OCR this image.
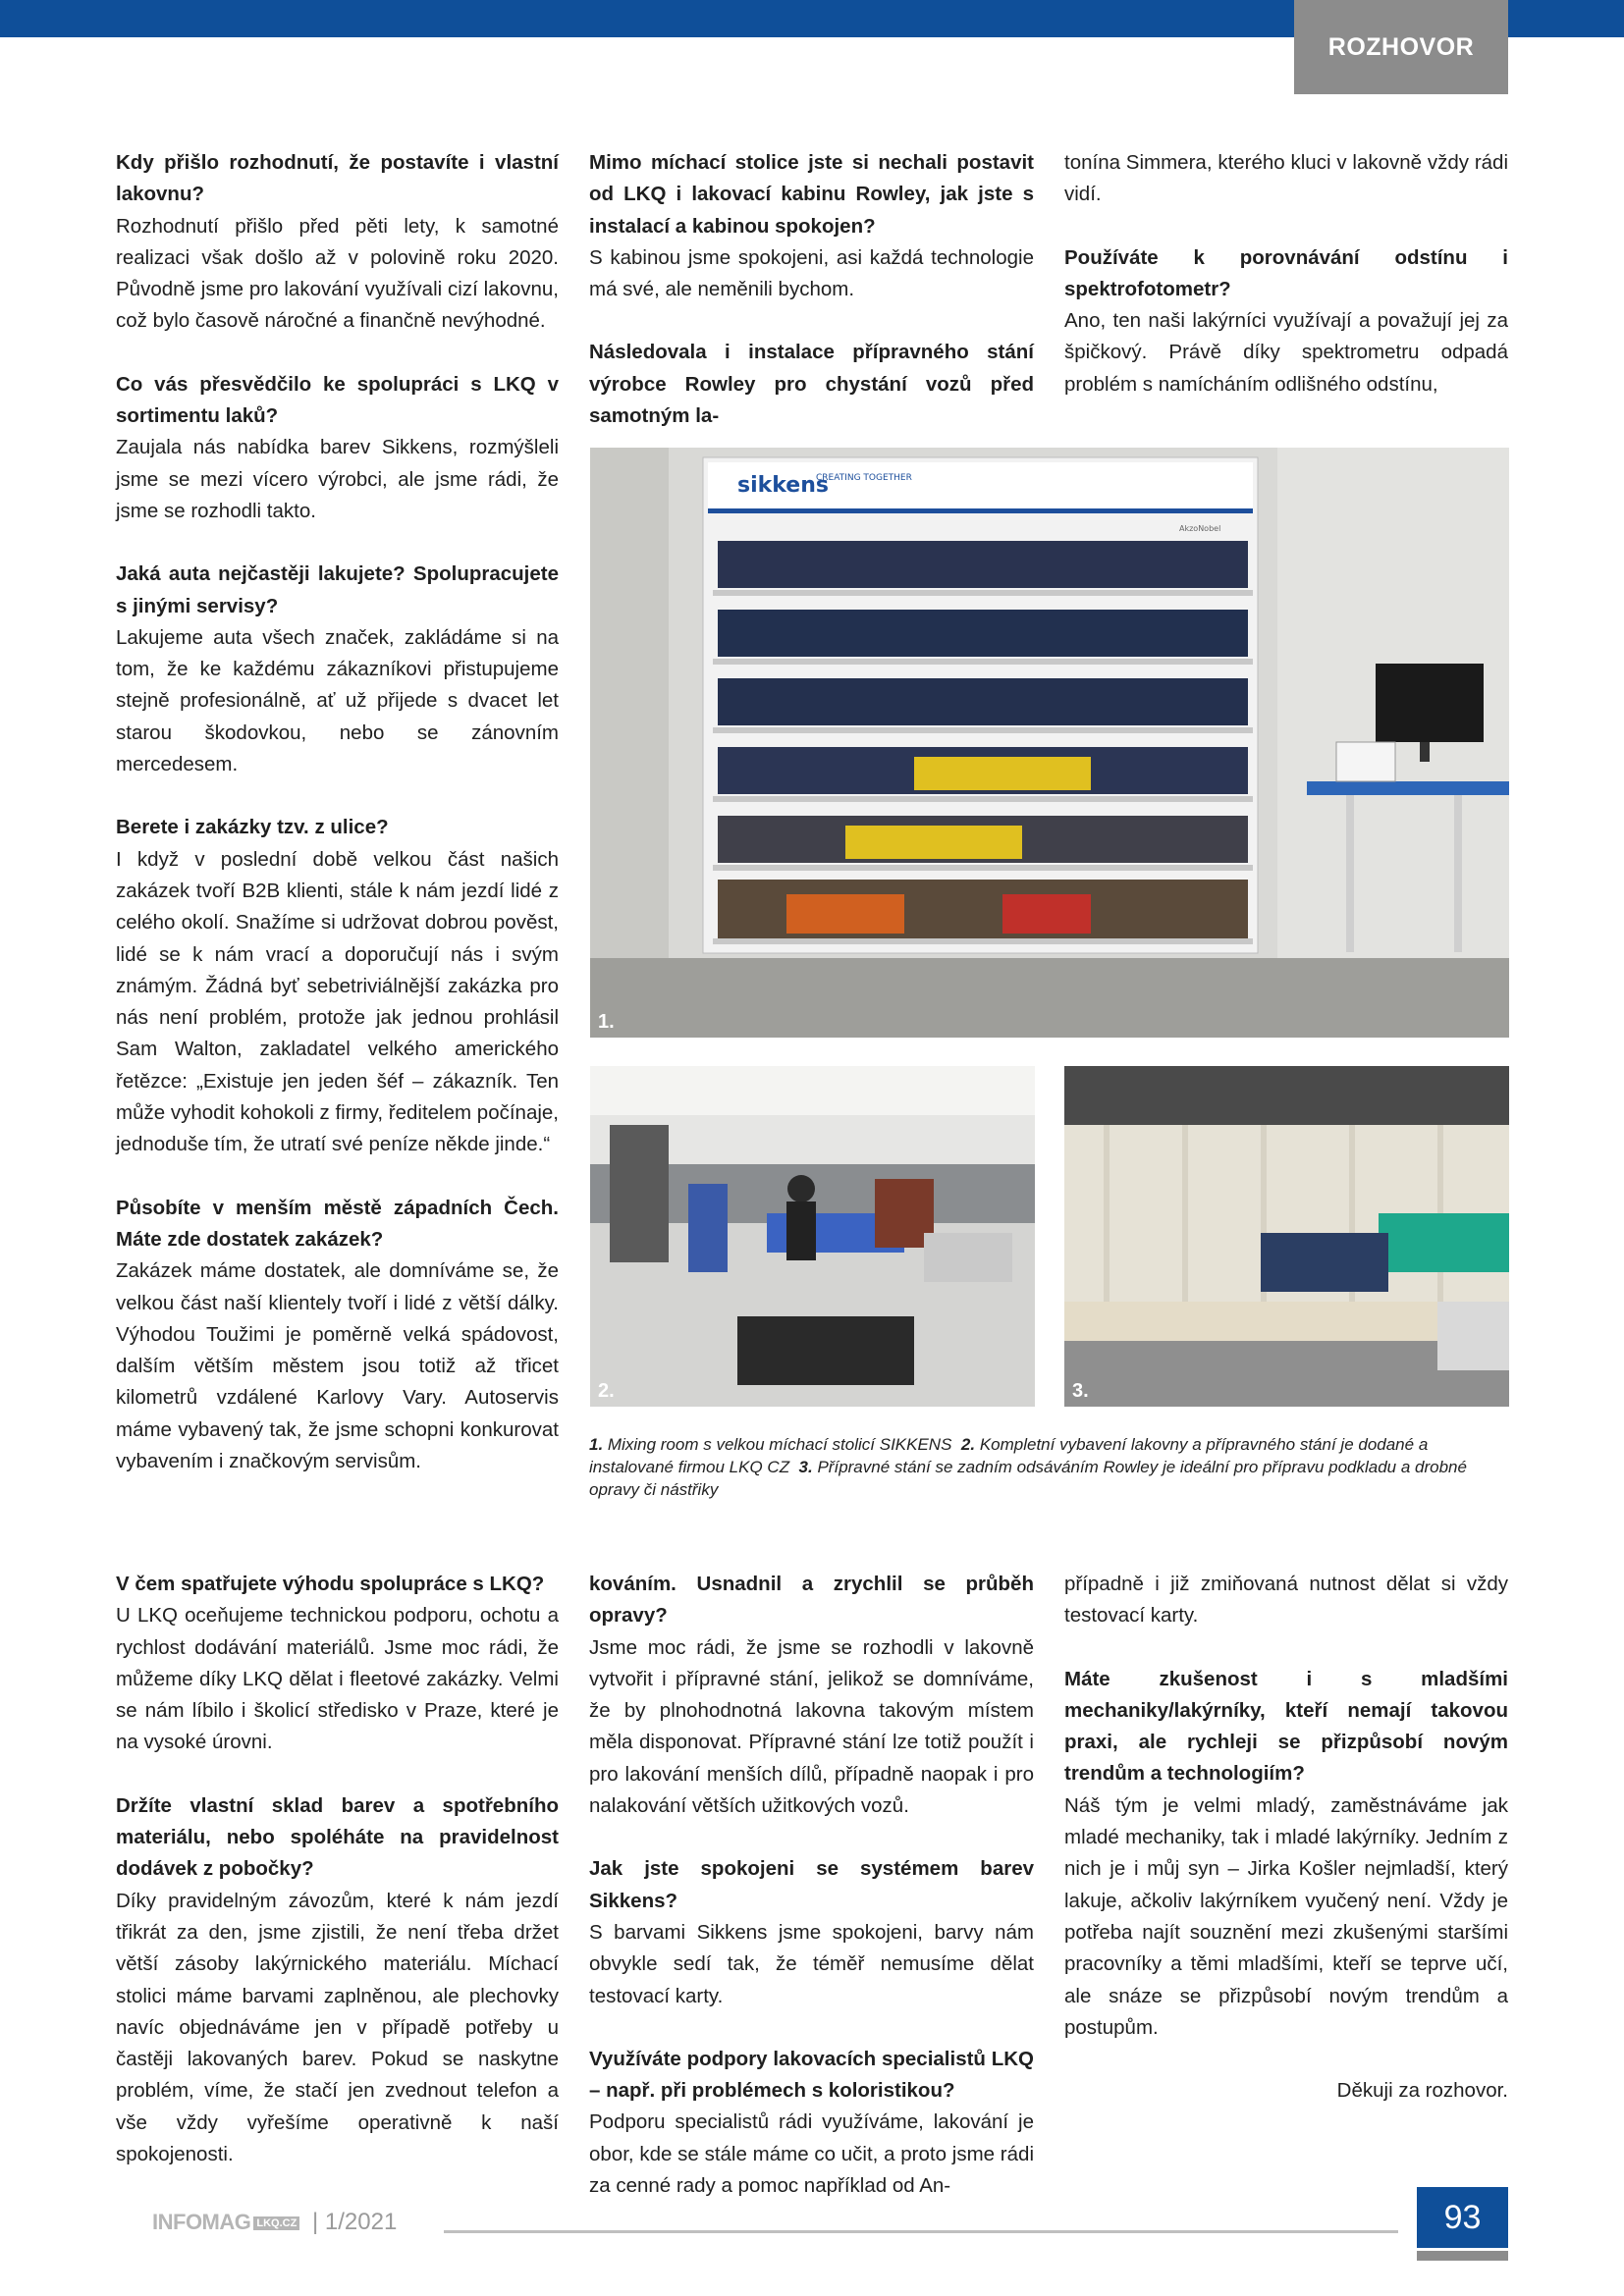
ROZHOVOR

Kdy přišlo rozhodnutí, že postavíte i vlastní lakovnu?

Rozhodnutí přišlo před pěti lety, k samotné realizaci však došlo až v polovině roku 2020. Původně jsme pro lakování využívali cizí lakovnu, což bylo časově náročné a finančně nevýhodné.

Co vás přesvědčilo ke spolupráci s LKQ v sortimentu laků?

Zaujala nás nabídka barev Sikkens, rozmýšleli jsme se mezi vícero výrobci, ale jsme rádi, že jsme se rozhodli takto.

Jaká auta nejčastěji lakujete? Spolupracujete s jinými servisy?

Lakujeme auta všech značek, zakládáme si na tom, že ke každému zákazníkovi přistupujeme stejně profesionálně, ať už přijede s dvacet let starou škodovkou, nebo se zánovním mercedesem.

Berete i zakázky tzv. z ulice?

I když v poslední době velkou část našich zakázek tvoří B2B klienti, stále k nám jezdí lidé z celého okolí. Snažíme si udržovat dobrou pověst, lidé se k nám vrací a doporučují nás i svým známým. Žádná byť sebetriviálnější zakázka pro nás není problém, protože jak jednou prohlásil Sam Walton, zakladatel velkého amerického řetězce: „Existuje jen jeden šéf – zákazník. Ten může vyhodit kohokoli z firmy, ředitelem počínaje, jednoduše tím, že utratí své peníze někde jinde.“

Působíte v menším městě západních Čech. Máte zde dostatek zakázek?

Zakázek máme dostatek, ale domníváme se, že velkou část naší klientely tvoří i lidé z větší dálky. Výhodou Toužimi je poměrně velká spádovost, dalším větším městem jsou totiž až třicet kilometrů vzdálené Karlovy Vary. Autoservis máme vybavený tak, že jsme schopni konkurovat vybavením i značkovým servisům.

Mimo míchací stolice jste si nechali postavit od LKQ i lakovací kabinu Rowley, jak jste s instalací a kabinou spokojen?

S kabinou jsme spokojeni, asi každá technologie má své, ale neměnili bychom.

Následovala i instalace přípravného stání výrobce Rowley pro chystání vozů před samotným la-

tonína Simmera, kterého kluci v lakovně vždy rádi vidí.

Používáte k porovnávání odstínu i spektrofotometr?

Ano, ten naši lakýrníci využívají a považují jej za špičkový. Právě díky spektrometru odpadá problém s namícháním odlišného odstínu,

sikkens
CREATING TOGETHER
AkzoNobel
1.
2.	3.
1. Mixing room s velkou míchací stolicí SIKKENS 2. Kompletní vybavení lakovny a přípravného stání je dodané a instalované firmou LKQ CZ 3. Přípravné stání se zadním odsáváním Rowley je ideální pro přípravu podkladu a drobné opravy či nástřiky

V čem spatřujete výhodu spolupráce s LKQ?

U LKQ oceňujeme technickou podporu, ochotu a rychlost dodávání materiálů. Jsme moc rádi, že můžeme díky LKQ dělat i fleetové zakázky. Velmi se nám líbilo i školicí středisko v Praze, které je na vysoké úrovni.

Držíte vlastní sklad barev a spotřebního materiálu, nebo spoléháte na pravidelnost dodávek z pobočky?

Díky pravidelným závozům, které k nám jezdí třikrát za den, jsme zjistili, že není třeba držet větší zásoby lakýrnického materiálu. Míchací stolici máme barvami zaplněnou, ale plechovky navíc objednáváme jen v případě potřeby u častěji lakovaných barev. Pokud se naskytne problém, víme, že stačí jen zvednout telefon a vše vždy vyřešíme operativně k naší spokojenosti.

kováním. Usnadnil a zrychlil se průběh opravy?

Jsme moc rádi, že jsme se rozhodli v lakovně vytvořit i přípravné stání, jelikož se domníváme, že by plnohodnotná lakovna takovým místem měla disponovat. Přípravné stání lze totiž použít i pro lakování menších dílů, případně naopak i pro nalakování větších užitkových vozů.

Jak jste spokojeni se systémem barev Sikkens?

S barvami Sikkens jsme spokojeni, barvy nám obvykle sedí tak, že téměř nemusíme dělat testovací karty.

Využíváte podpory lakovacích specialistů LKQ – např. při problémech s koloristikou?

Podporu specialistů rádi využíváme, lakování je obor, kde se stále máme co učit, a proto jsme rádi za cenné rady a pomoc například od An-

případně i již zmiňovaná nutnost dělat si vždy testovací karty.

Máte zkušenost i s mladšími mechaniky/lakýrníky, kteří nemají takovou praxi, ale rychleji se přizpůsobí novým trendům a technologiím?

Náš tým je velmi mladý, zaměstnáváme jak mladé mechaniky, tak i mladé lakýrníky. Jedním z nich je i můj syn – Jirka Košler nejmladší, který lakuje, ačkoliv lakýrníkem vyučený není. Vždy je potřeba najít souznění mezi zkušenými staršími pracovníky a těmi mladšími, kteří se teprve učí, ale snáze se přizpůsobí novým trendům a postupům.

Děkuji za rozhovor.

INFOMAG LKQ.CZ | 1/2021	93
